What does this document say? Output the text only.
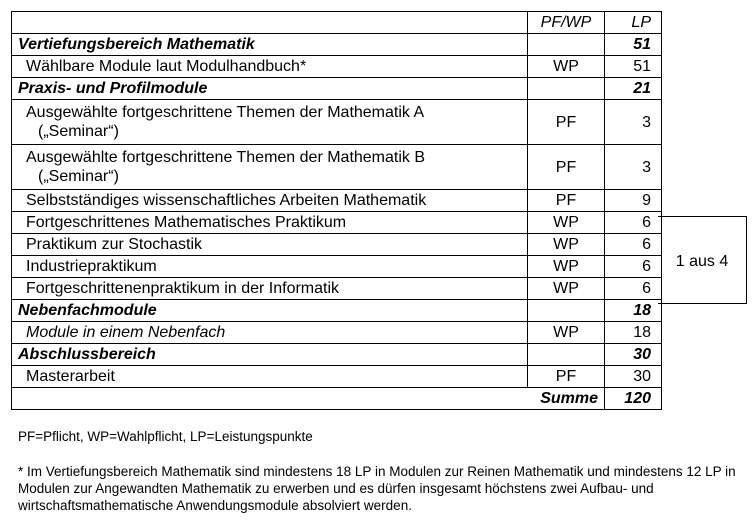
	PF/WP	LP
Vertiefungsbereich Mathematik		51
Wählbare Module laut Modulhandbuch*	WP	51
Praxis- und Profilmodule		21

Ausgewählte fortgeschrittene Themen der Mathematik A
(„Seminar“)	PF	3

Ausgewählte fortgeschrittene Themen der Mathematik B
(„Seminar“)	PF	3
Selbstständiges wissenschaftliches Arbeiten Mathematik	PF	9
Fortgeschrittenes Mathematisches Praktikum	WP	6
Praktikum zur Stochastik	WP	6
Industriepraktikum	WP	6
Fortgeschrittenenpraktikum in der Informatik	WP	6
Nebenfachmodule		18
Module in einem Nebenfach	WP	18
Abschlussbereich		30
Masterarbeit	PF	30
Summe		120
1 aus 4
PF=Pflicht, WP=Wahlpflicht, LP=Leistungspunkte
* Im Vertiefungsbereich Mathematik sind mindestens 18 LP in Modulen zur Reinen Mathematik und mindestens 12 LP in Modulen zur Angewandten Mathematik zu erwerben und es dürfen insgesamt höchstens zwei Aufbau- und wirtschaftsmathematische Anwendungsmodule absolviert werden.
